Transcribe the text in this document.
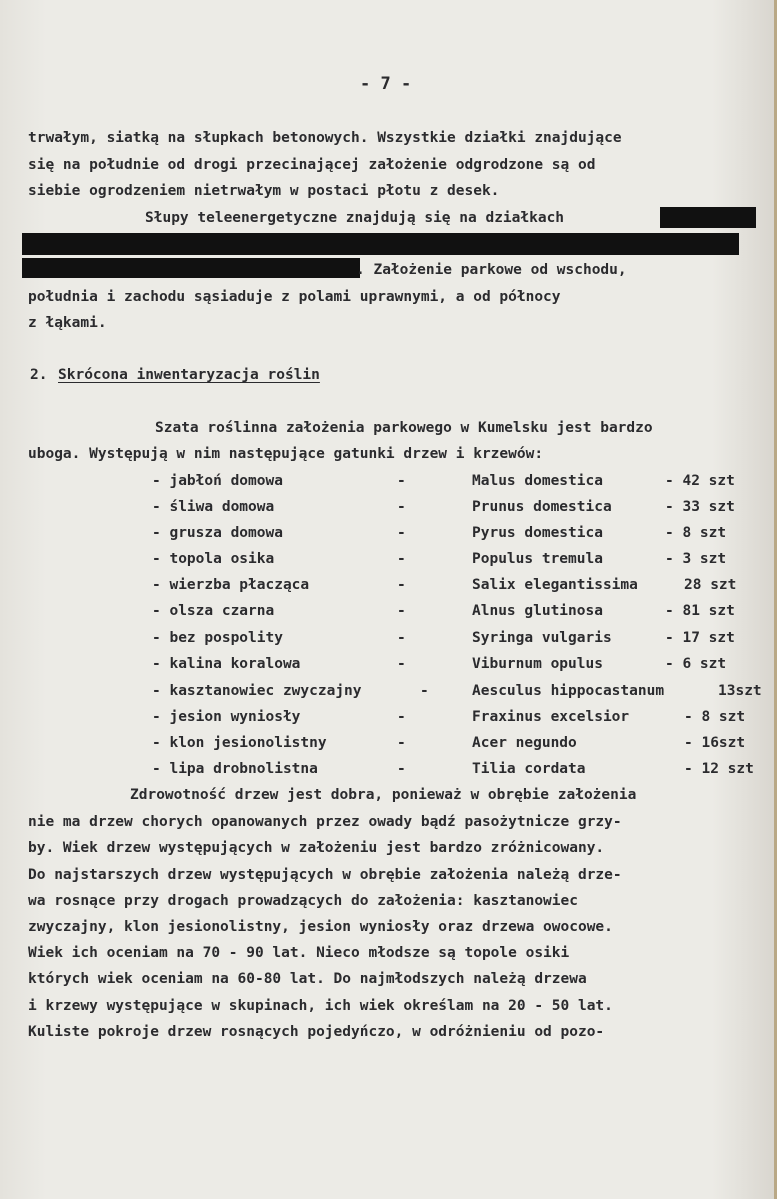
- 7 -
trwałym, siatką na słupkach betonowych. Wszystkie działki znajdujące
się na południe od drogi przecinającej założenie odgrodzone są od
siebie ogrodzeniem nietrwałym w postaci płotu z desek.
Słupy teleenergetyczne znajdują się na działkach
. Założenie parkowe od wschodu,
południa i zachodu sąsiaduje z polami uprawnymi, a od północy
z łąkami.
2. Skrócona inwentaryzacja roślin
Szata roślinna założenia parkowego w Kumelsku jest bardzo
uboga. Występują w nim następujące gatunki drzew i krzewów:
- jabłoń domowa	-	Malus domestica	- 42 szt
- śliwa domowa	-	Prunus domestica	- 33 szt
- grusza domowa	-	Pyrus domestica	- 8 szt
- topola osika	-	Populus tremula	- 3 szt
- wierzba płacząca	-	Salix elegantissima	28 szt
- olsza czarna	-	Alnus glutinosa	- 81 szt
- bez pospolity	-	Syringa vulgaris	- 17 szt
- kalina koralowa	-	Viburnum opulus	- 6 szt
- kasztanowiec zwyczajny	-	Aesculus hippocastanum	13szt
- jesion wyniosły	-	Fraxinus excelsior	- 8 szt
- klon jesionolistny	-	Acer negundo	- 16szt
- lipa drobnolistna	-	Tilia cordata	- 12 szt
Zdrowotność drzew jest dobra, ponieważ w obrębie założenia
nie ma drzew chorych opanowanych przez owady bądź pasożytnicze grzy-
by. Wiek drzew występujących w założeniu jest bardzo zróżnicowany.
Do najstarszych drzew występujących w obrębie założenia należą drze-
wa rosnące przy drogach prowadzących do założenia: kasztanowiec
zwyczajny, klon jesionolistny, jesion wyniosły oraz drzewa owocowe.
Wiek ich oceniam na 70 - 90 lat. Nieco młodsze są topole osiki
których wiek oceniam na 60-80 lat. Do najmłodszych należą drzewa
i krzewy występujące w skupinach, ich wiek określam na 20 - 50 lat.
Kuliste pokroje drzew rosnących pojedyńczo, w odróżnieniu od pozo-
